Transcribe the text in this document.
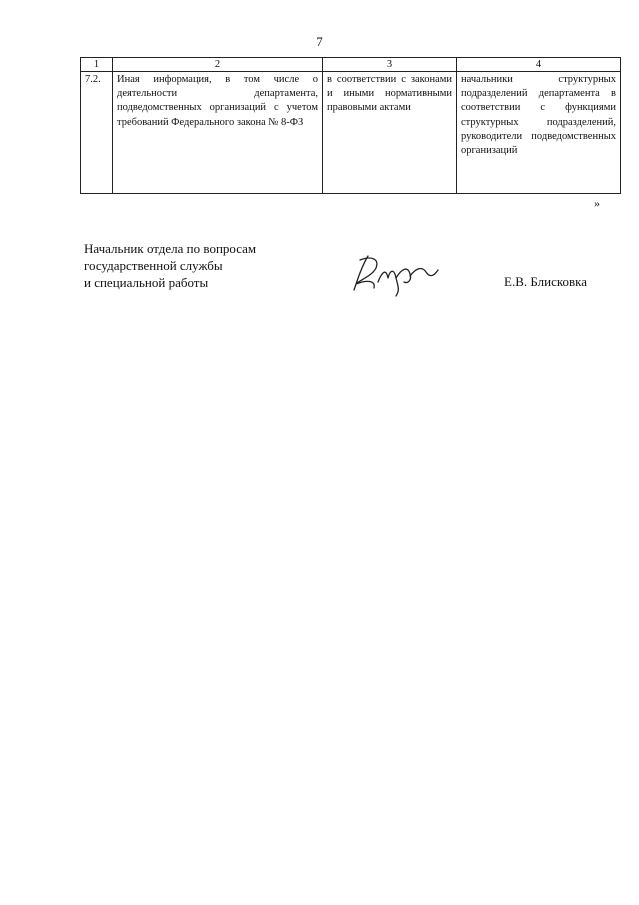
7
1	2	3	4
7.2.	Иная информация, в том числе о деятельности департамента, подведомственных организаций с учетом требований Федерального закона № 8-ФЗ	в соответствии с законами и иными нормативными правовыми актами	начальники структурных подразделений департамента в соответствии с функциями структурных подразделений, руководители подведомственных организаций
»
Начальник отдела по вопросам
государственной службы
и специальной работы	Е.В. Блисковка
